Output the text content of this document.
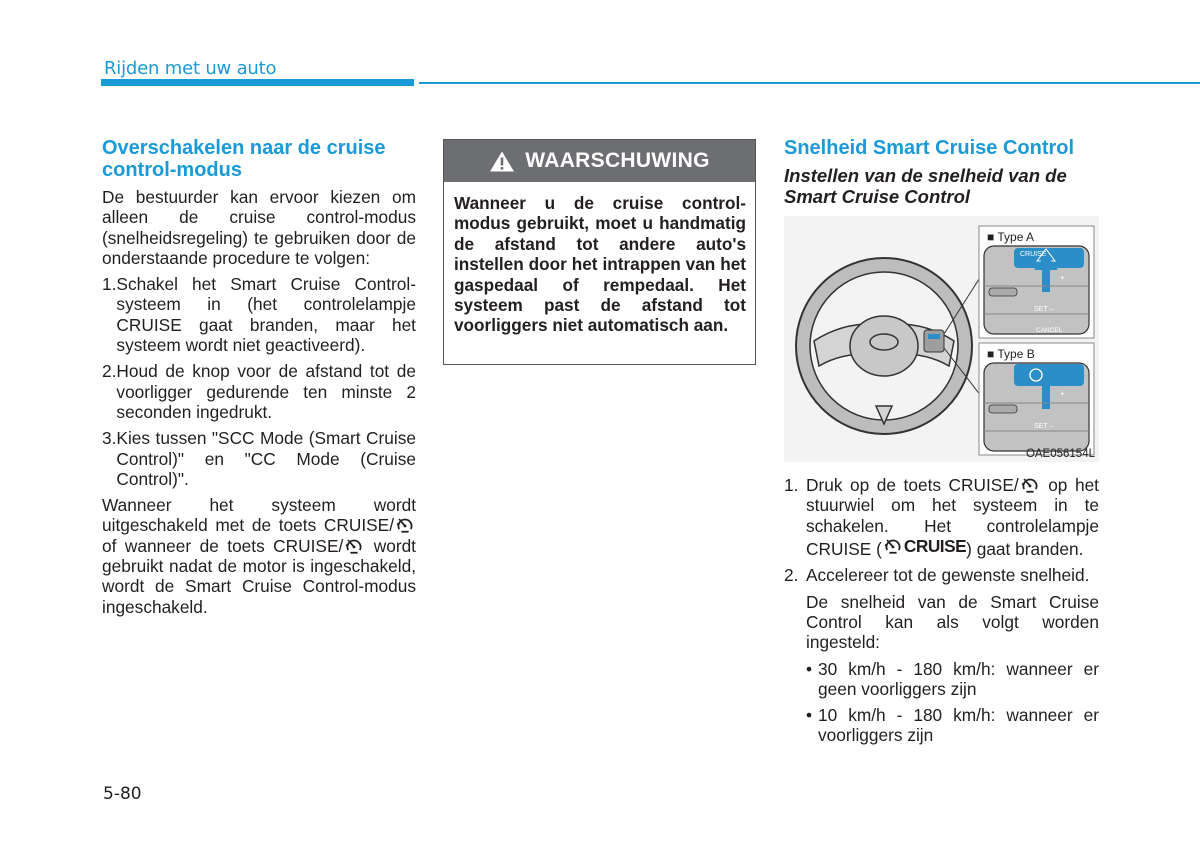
Rijden met uw auto
Overschakelen naar de cruise control-modus
De bestuurder kan ervoor kiezen om alleen de cruise control-modus (snelheidsregeling) te gebruiken door de onderstaande procedure te volgen:
1. Schakel het Smart Cruise Control-systeem in (het controlelampje CRUISE gaat branden, maar het systeem wordt niet geactiveerd).
2. Houd de knop voor de afstand tot de voorligger gedurende ten minste 2 seconden ingedrukt.
3. Kies tussen "SCC Mode (Smart Cruise Control)" en "CC Mode (Cruise Control)".
Wanneer het systeem wordt uitgeschakeld met de toets CRUISE/ of wanneer de toets CRUISE/ wordt gebruikt nadat de motor is ingeschakeld, wordt de Smart Cruise Control-modus ingeschakeld.
WAARSCHUWING
Wanneer u de cruise control-modus gebruikt, moet u handmatig de afstand tot andere auto's instellen door het intrappen van het gaspedaal of rempedaal. Het systeem past de afstand tot voorliggers niet automatisch aan.
Snelheid Smart Cruise Control
Instellen van de snelheid van de Smart Cruise Control
CRUISE
+
SET –
CANCEL
+
SET –
■ Type A
■ Type B
OAE056154L
1. Druk op de toets CRUISE/ op het stuurwiel om het systeem in te schakelen. Het controlelampje CRUISE ( CRUISE ) gaat branden.
2. Accelereer tot de gewenste snelheid.
De snelheid van de Smart Cruise Control kan als volgt worden ingesteld:
• 30 km/h - 180 km/h: wanneer er geen voorliggers zijn
• 10 km/h - 180 km/h: wanneer er voorliggers zijn
5-80
